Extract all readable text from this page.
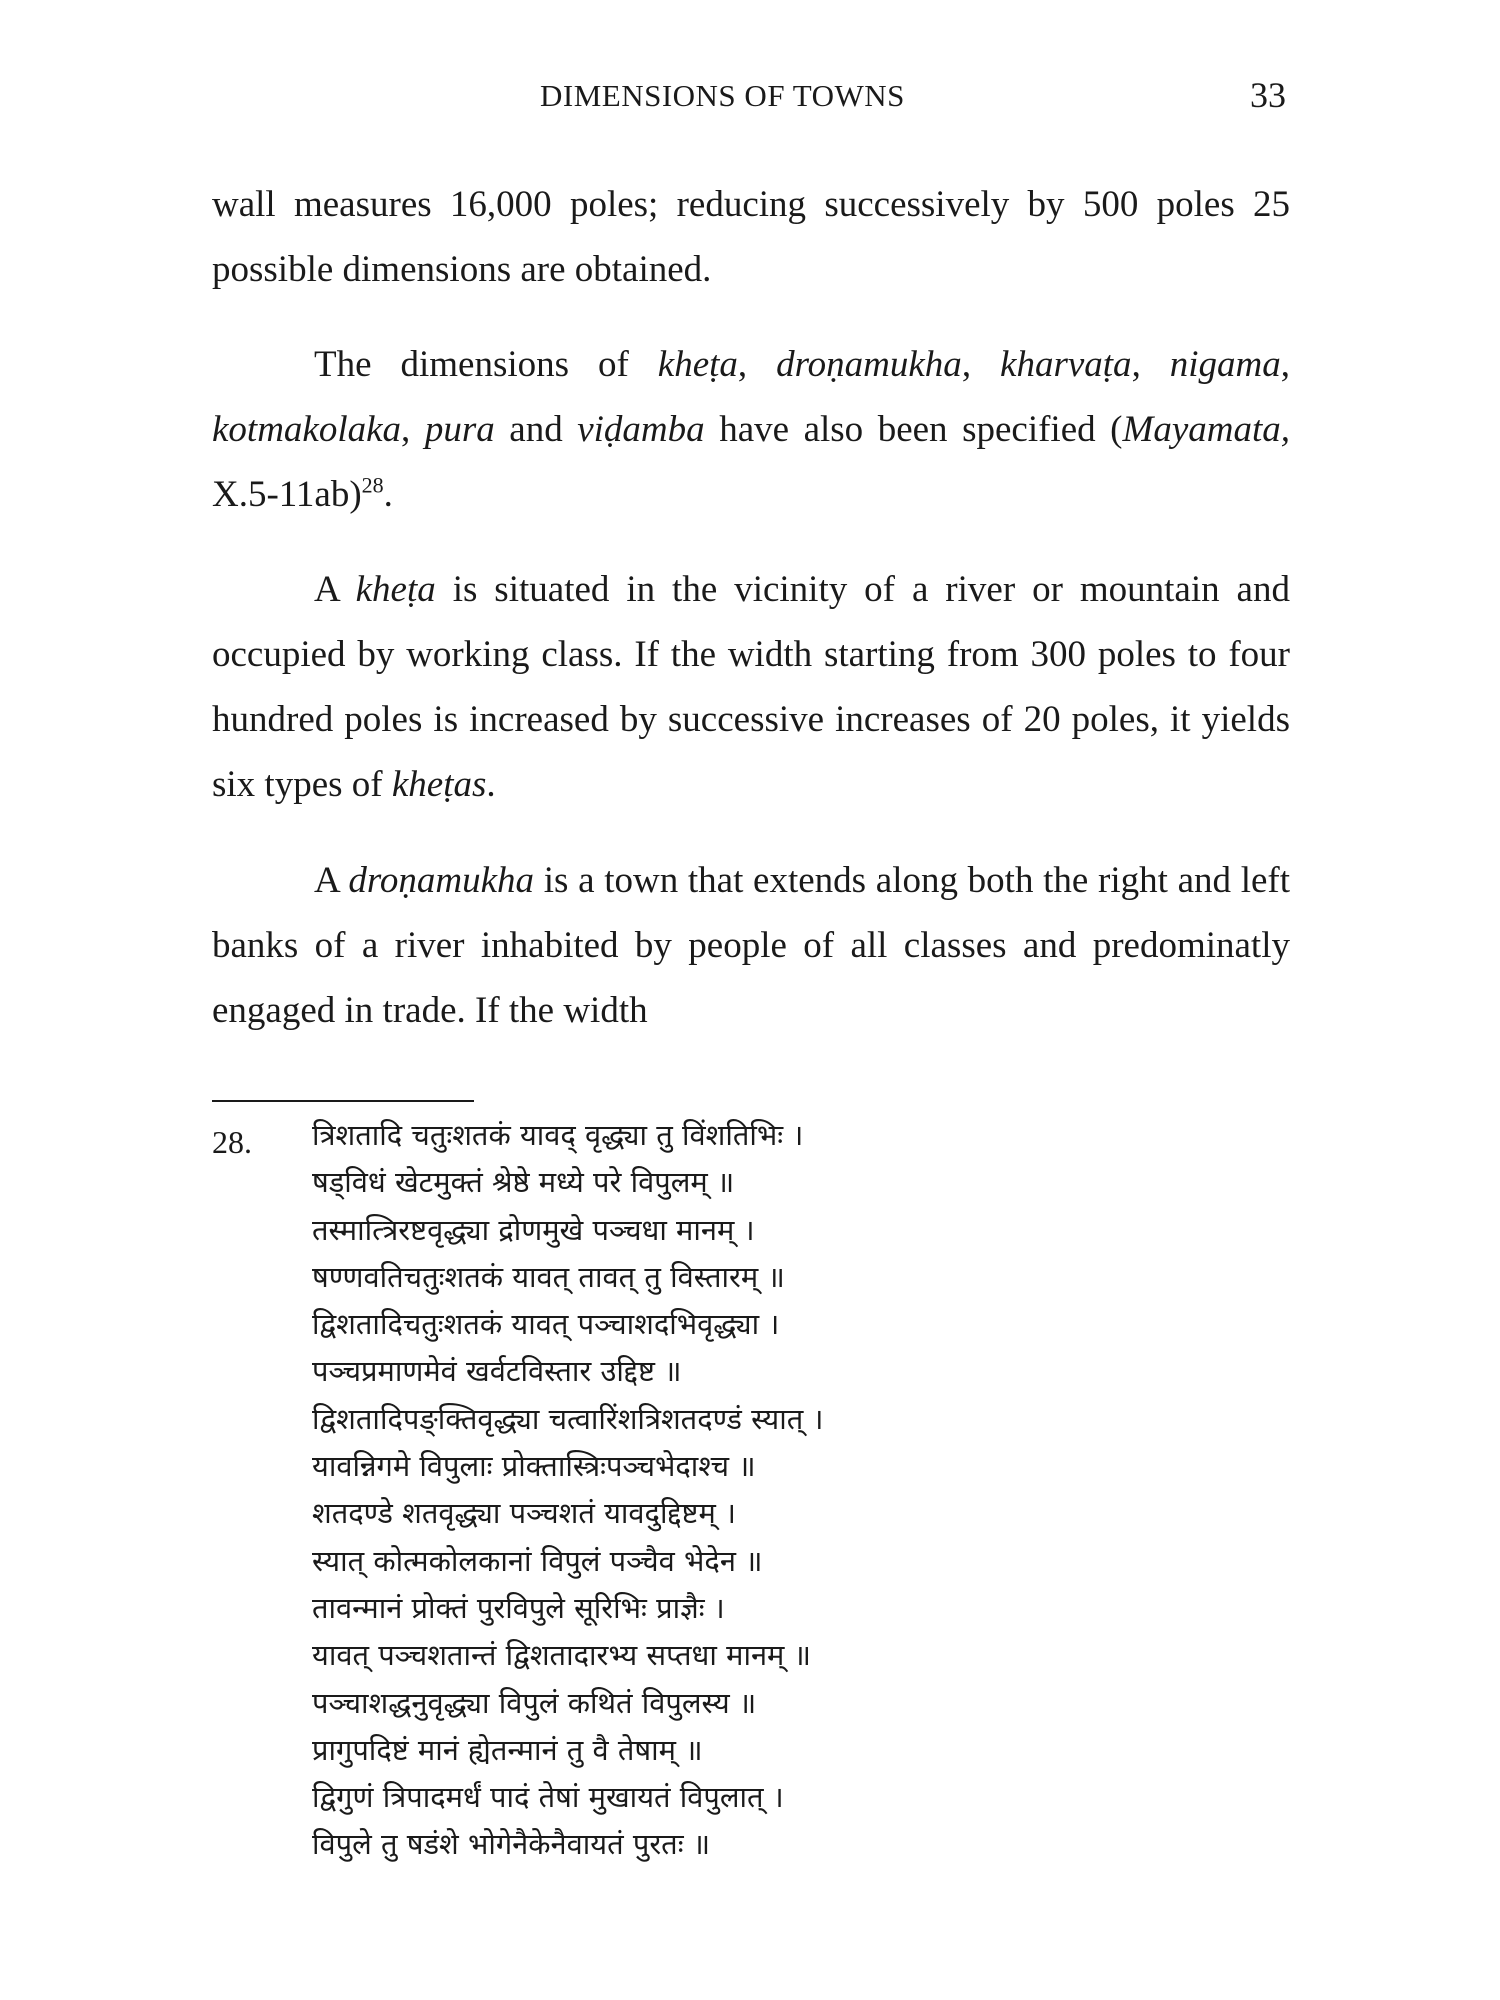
DIMENSIONS OF TOWNS	33
wall measures 16,000 poles; reducing successively by 500 poles 25 possible dimensions are obtained.
The dimensions of kheṭa, droṇamukha, kharvaṭa, nigama, kotmakolaka, pura and viḍamba have also been specified (Mayamata, X.5-11ab)$^{28}$.
A kheṭa is situated in the vicinity of a river or mountain and occupied by working class. If the width starting from 300 poles to four hundred poles is increased by successive increases of 20 poles, it yields six types of kheṭas.
A droṇamukha is a town that extends along both the right and left banks of a river inhabited by people of all classes and predominatly engaged in trade. If the width
28. त्रिशतादि चतुःशतकं यावद् वृद्ध्या तु विंशतिभिः ।
षड्विधं खेटमुक्तं श्रेष्ठे मध्ये परे विपुलम् ॥
तस्मात्त्रिरष्टवृद्ध्या द्रोणमुखे पञ्चधा मानम् ।
षण्णवतिचतुःशतकं यावत् तावत् तु विस्तारम् ॥
द्विशतादिचतुःशतकं यावत् पञ्चाशदभिवृद्ध्या ।
पञ्चप्रमाणमेवं खर्वटविस्तार उद्दिष्ट ॥
द्विशतादिपङ्क्तिवृद्ध्या चत्वारिंशत्रिशतदण्डं स्यात् ।
यावन्निगमे विपुलाः प्रोक्तास्त्रिःपञ्चभेदाश्च ॥
शतदण्डे शतवृद्ध्या पञ्चशतं यावदुद्दिष्टम् ।
स्यात् कोत्मकोलकानां विपुलं पञ्चैव भेदेन ॥
तावन्मानं प्रोक्तं पुरविपुले सूरिभिः प्राज्ञैः ।
यावत् पञ्चशतान्तं द्विशतादारभ्य सप्तधा मानम् ॥
पञ्चाशद्धनुवृद्ध्या विपुलं कथितं विपुलस्य ॥
प्रागुपदिष्टं मानं ह्येतन्मानं तु वै तेषाम् ॥
द्विगुणं त्रिपादमर्धं पादं तेषां मुखायतं विपुलात् ।
विपुले तु षडंशे भोगेनैकेनैवायतं पुरतः ॥
